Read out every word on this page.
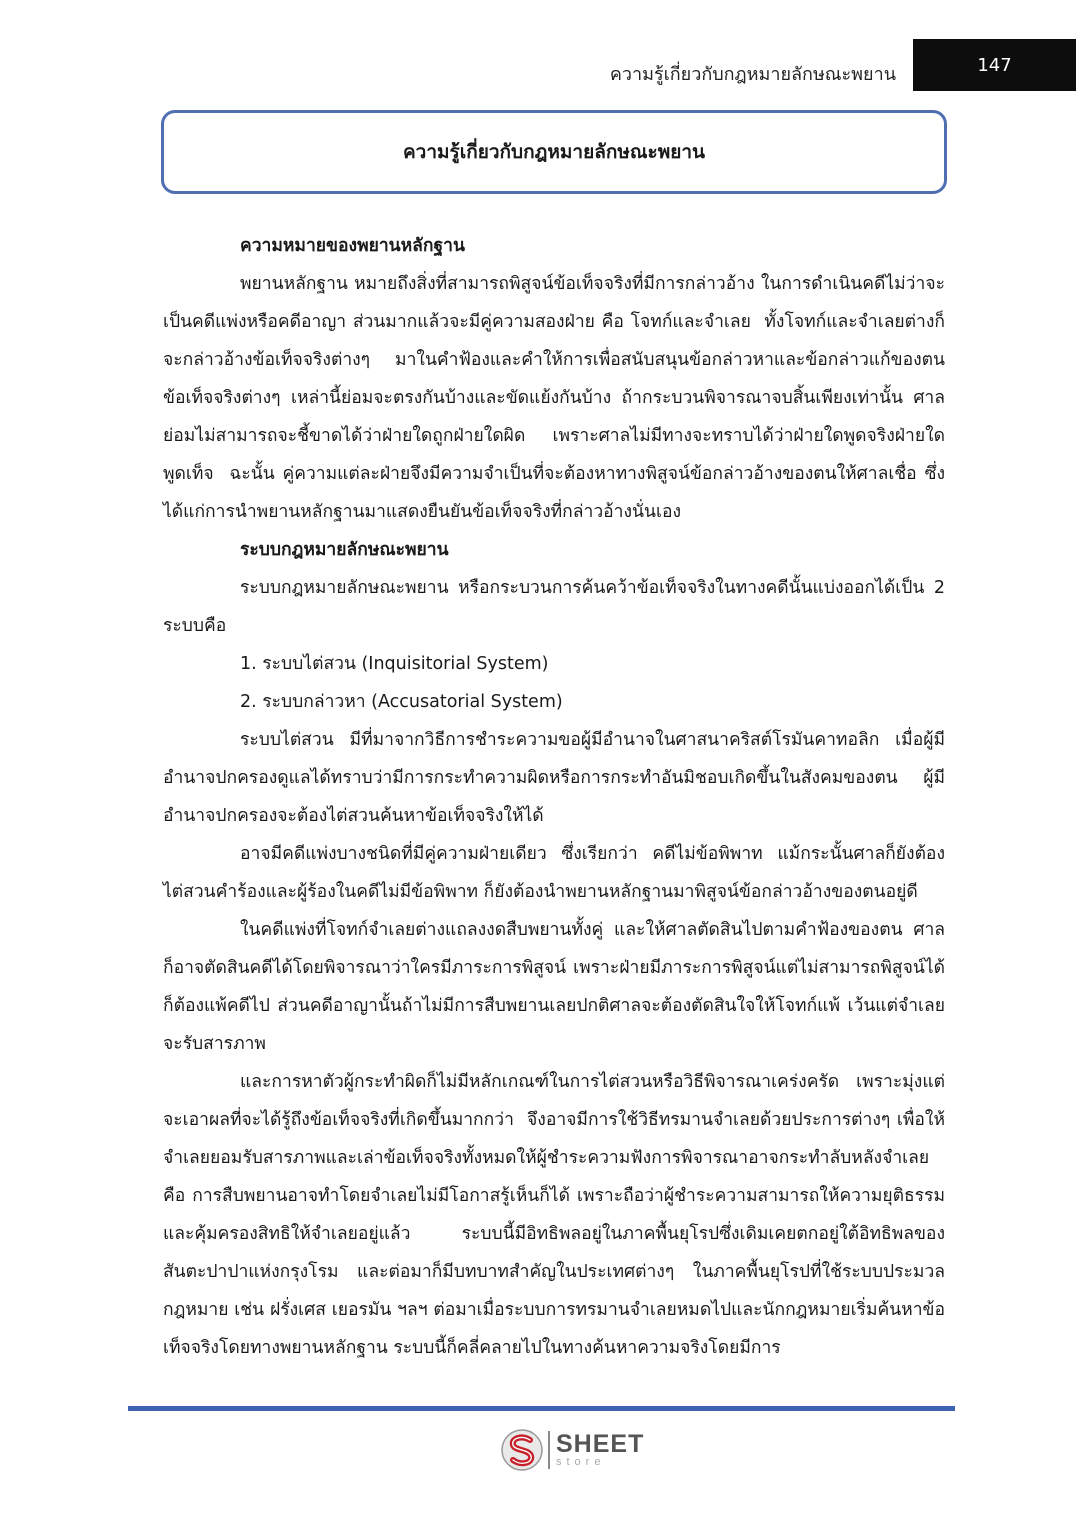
ความรู้เกี่ยวกับกฎหมายลักษณะพยาน	147
ความรู้เกี่ยวกับกฎหมายลักษณะพยาน

ความหมายของพยานหลักฐาน

พยานหลักฐาน หมายถึงสิ่งที่สามารถพิสูจน์ข้อเท็จจริงที่มีการกล่าวอ้าง ในการดำเนินคดีไม่ว่าจะเป็นคดีแพ่งหรือคดีอาญา ส่วนมากแล้วจะมีคู่ความสองฝ่าย คือ โจทก์และจำเลย  ทั้งโจทก์และจำเลยต่างก็จะกล่าวอ้างข้อเท็จจริงต่างๆ มาในคำฟ้องและคำให้การเพื่อสนับสนุนข้อกล่าวหาและข้อกล่าวแก้ของตน ข้อเท็จจริงต่างๆ เหล่านี้ย่อมจะตรงกันบ้างและขัดแย้งกันบ้าง ถ้ากระบวนพิจารณาจบสิ้นเพียงเท่านั้น ศาลย่อมไม่สามารถจะชี้ขาดได้ว่าฝ่ายใดถูกฝ่ายใดผิด เพราะศาลไม่มีทางจะทราบได้ว่าฝ่ายใดพูดจริงฝ่ายใดพูดเท็จ  ฉะนั้น คู่ความแต่ละฝ่ายจึงมีความจำเป็นที่จะต้องหาทางพิสูจน์ข้อกล่าวอ้างของตนให้ศาลเชื่อ ซึ่งได้แก่การนำพยานหลักฐานมาแสดงยืนยันข้อเท็จจริงที่กล่าวอ้างนั่นเอง

ระบบกฎหมายลักษณะพยาน

ระบบกฎหมายลักษณะพยาน หรือกระบวนการค้นคว้าข้อเท็จจริงในทางคดีนั้นแบ่งออกได้เป็น 2 ระบบคือ

1. ระบบไต่สวน (Inquisitorial System)

2. ระบบกล่าวหา (Accusatorial System)

ระบบไต่สวน มีที่มาจากวิธีการชำระความขอผู้มีอำนาจในศาสนาคริสต์โรมันคาทอลิก เมื่อผู้มีอำนาจปกครองดูแลได้ทราบว่ามีการกระทำความผิดหรือการกระทำอันมิชอบเกิดขึ้นในสังคมของตน ผู้มีอำนาจปกครองจะต้องไต่สวนค้นหาข้อเท็จจริงให้ได้

อาจมีคดีแพ่งบางชนิดที่มีคู่ความฝ่ายเดียว ซึ่งเรียกว่า คดีไม่ข้อพิพาท แม้กระนั้นศาลก็ยังต้องไต่สวนคำร้องและผู้ร้องในคดีไม่มีข้อพิพาท ก็ยังต้องนำพยานหลักฐานมาพิสูจน์ข้อกล่าวอ้างของตนอยู่ดี

ในคดีแพ่งที่โจทก์จำเลยต่างแถลงงดสืบพยานทั้งคู่ และให้ศาลตัดสินไปตามคำฟ้องของตน ศาลก็อาจตัดสินคดีได้โดยพิจารณาว่าใครมีภาระการพิสูจน์ เพราะฝ่ายมีภาระการพิสูจน์แต่ไม่สามารถพิสูจน์ได้ก็ต้องแพ้คดีไป ส่วนคดีอาญานั้นถ้าไม่มีการสืบพยานเลยปกติศาลจะต้องตัดสินใจให้โจทก์แพ้ เว้นแต่จำเลยจะรับสารภาพ

และการหาตัวผู้กระทำผิดก็ไม่มีหลักเกณฑ์ในการไต่สวนหรือวิธีพิจารณาเคร่งครัด เพราะมุ่งแต่จะเอาผลที่จะได้รู้ถึงข้อเท็จจริงที่เกิดขึ้นมากกว่า  จึงอาจมีการใช้วิธีทรมานจำเลยด้วยประการต่างๆ เพื่อให้จำเลยยอมรับสารภาพและเล่าข้อเท็จจริงทั้งหมดให้ผู้ชำระความฟังการพิจารณาอาจกระทำลับหลังจำเลย คือ การสืบพยานอาจทำโดยจำเลยไม่มีโอกาสรู้เห็นก็ได้ เพราะถือว่าผู้ชำระความสามารถให้ความยุติธรรมและคุ้มครองสิทธิให้จำเลยอยู่แล้ว  ระบบนี้มีอิทธิพลอยู่ในภาคพื้นยุโรปซึ่งเดิมเคยตกอยู่ใต้อิทธิพลของสันตะปาปาแห่งกรุงโรม และต่อมาก็มีบทบาทสำคัญในประเทศต่างๆ ในภาคพื้นยุโรปที่ใช้ระบบประมวลกฎหมาย เช่น ฝรั่งเศส เยอรมัน ฯลฯ ต่อมาเมื่อระบบการทรมานจำเลยหมดไปและนักกฎหมายเริ่มค้นหาข้อเท็จจริงโดยทางพยานหลักฐาน ระบบนี้ก็คลี่คลายไปในทางค้นหาความจริงโดยมีการ

SHEET
store
